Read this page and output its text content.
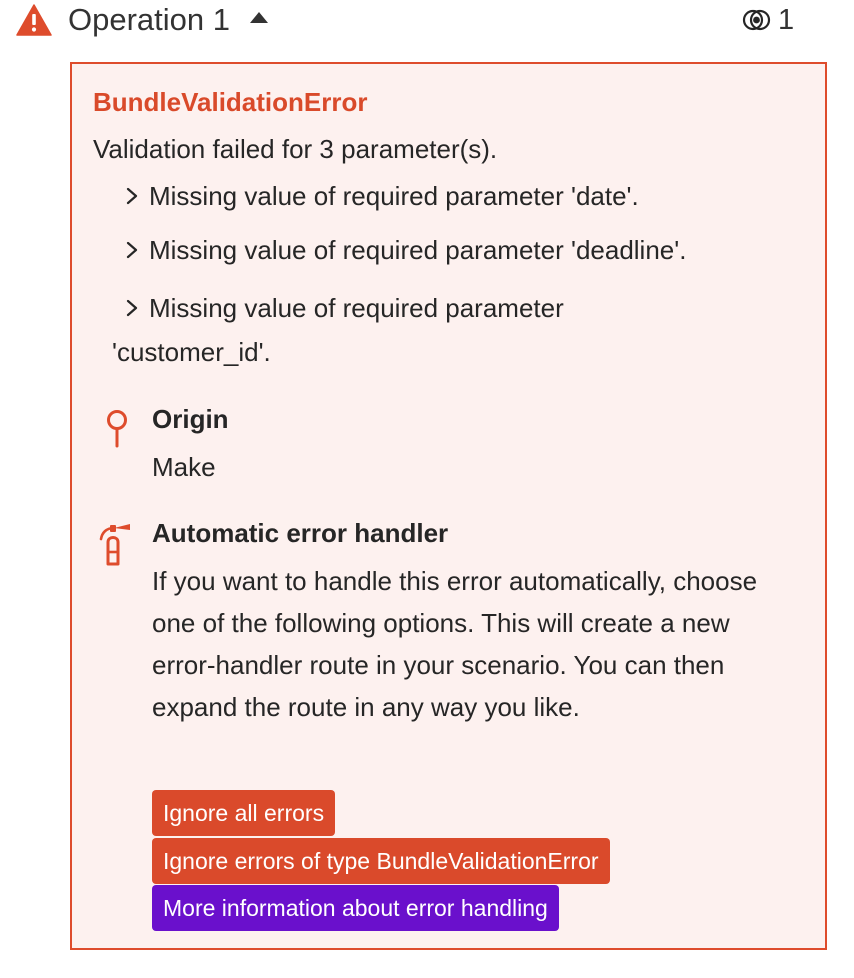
Operation 1	1
BundleValidationError
Validation failed for 3 parameter(s).
Missing value of required parameter 'date'.
Missing value of required parameter 'deadline'.
Missing value of required parameter
'customer_id'.
Origin
Make
Automatic error handler
If you want to handle this error automatically, choose one of the following options. This will create a new error-handler route in your scenario. You can then expand the route in any way you like.
Ignore all errors
Ignore errors of type BundleValidationError
More information about error handling
